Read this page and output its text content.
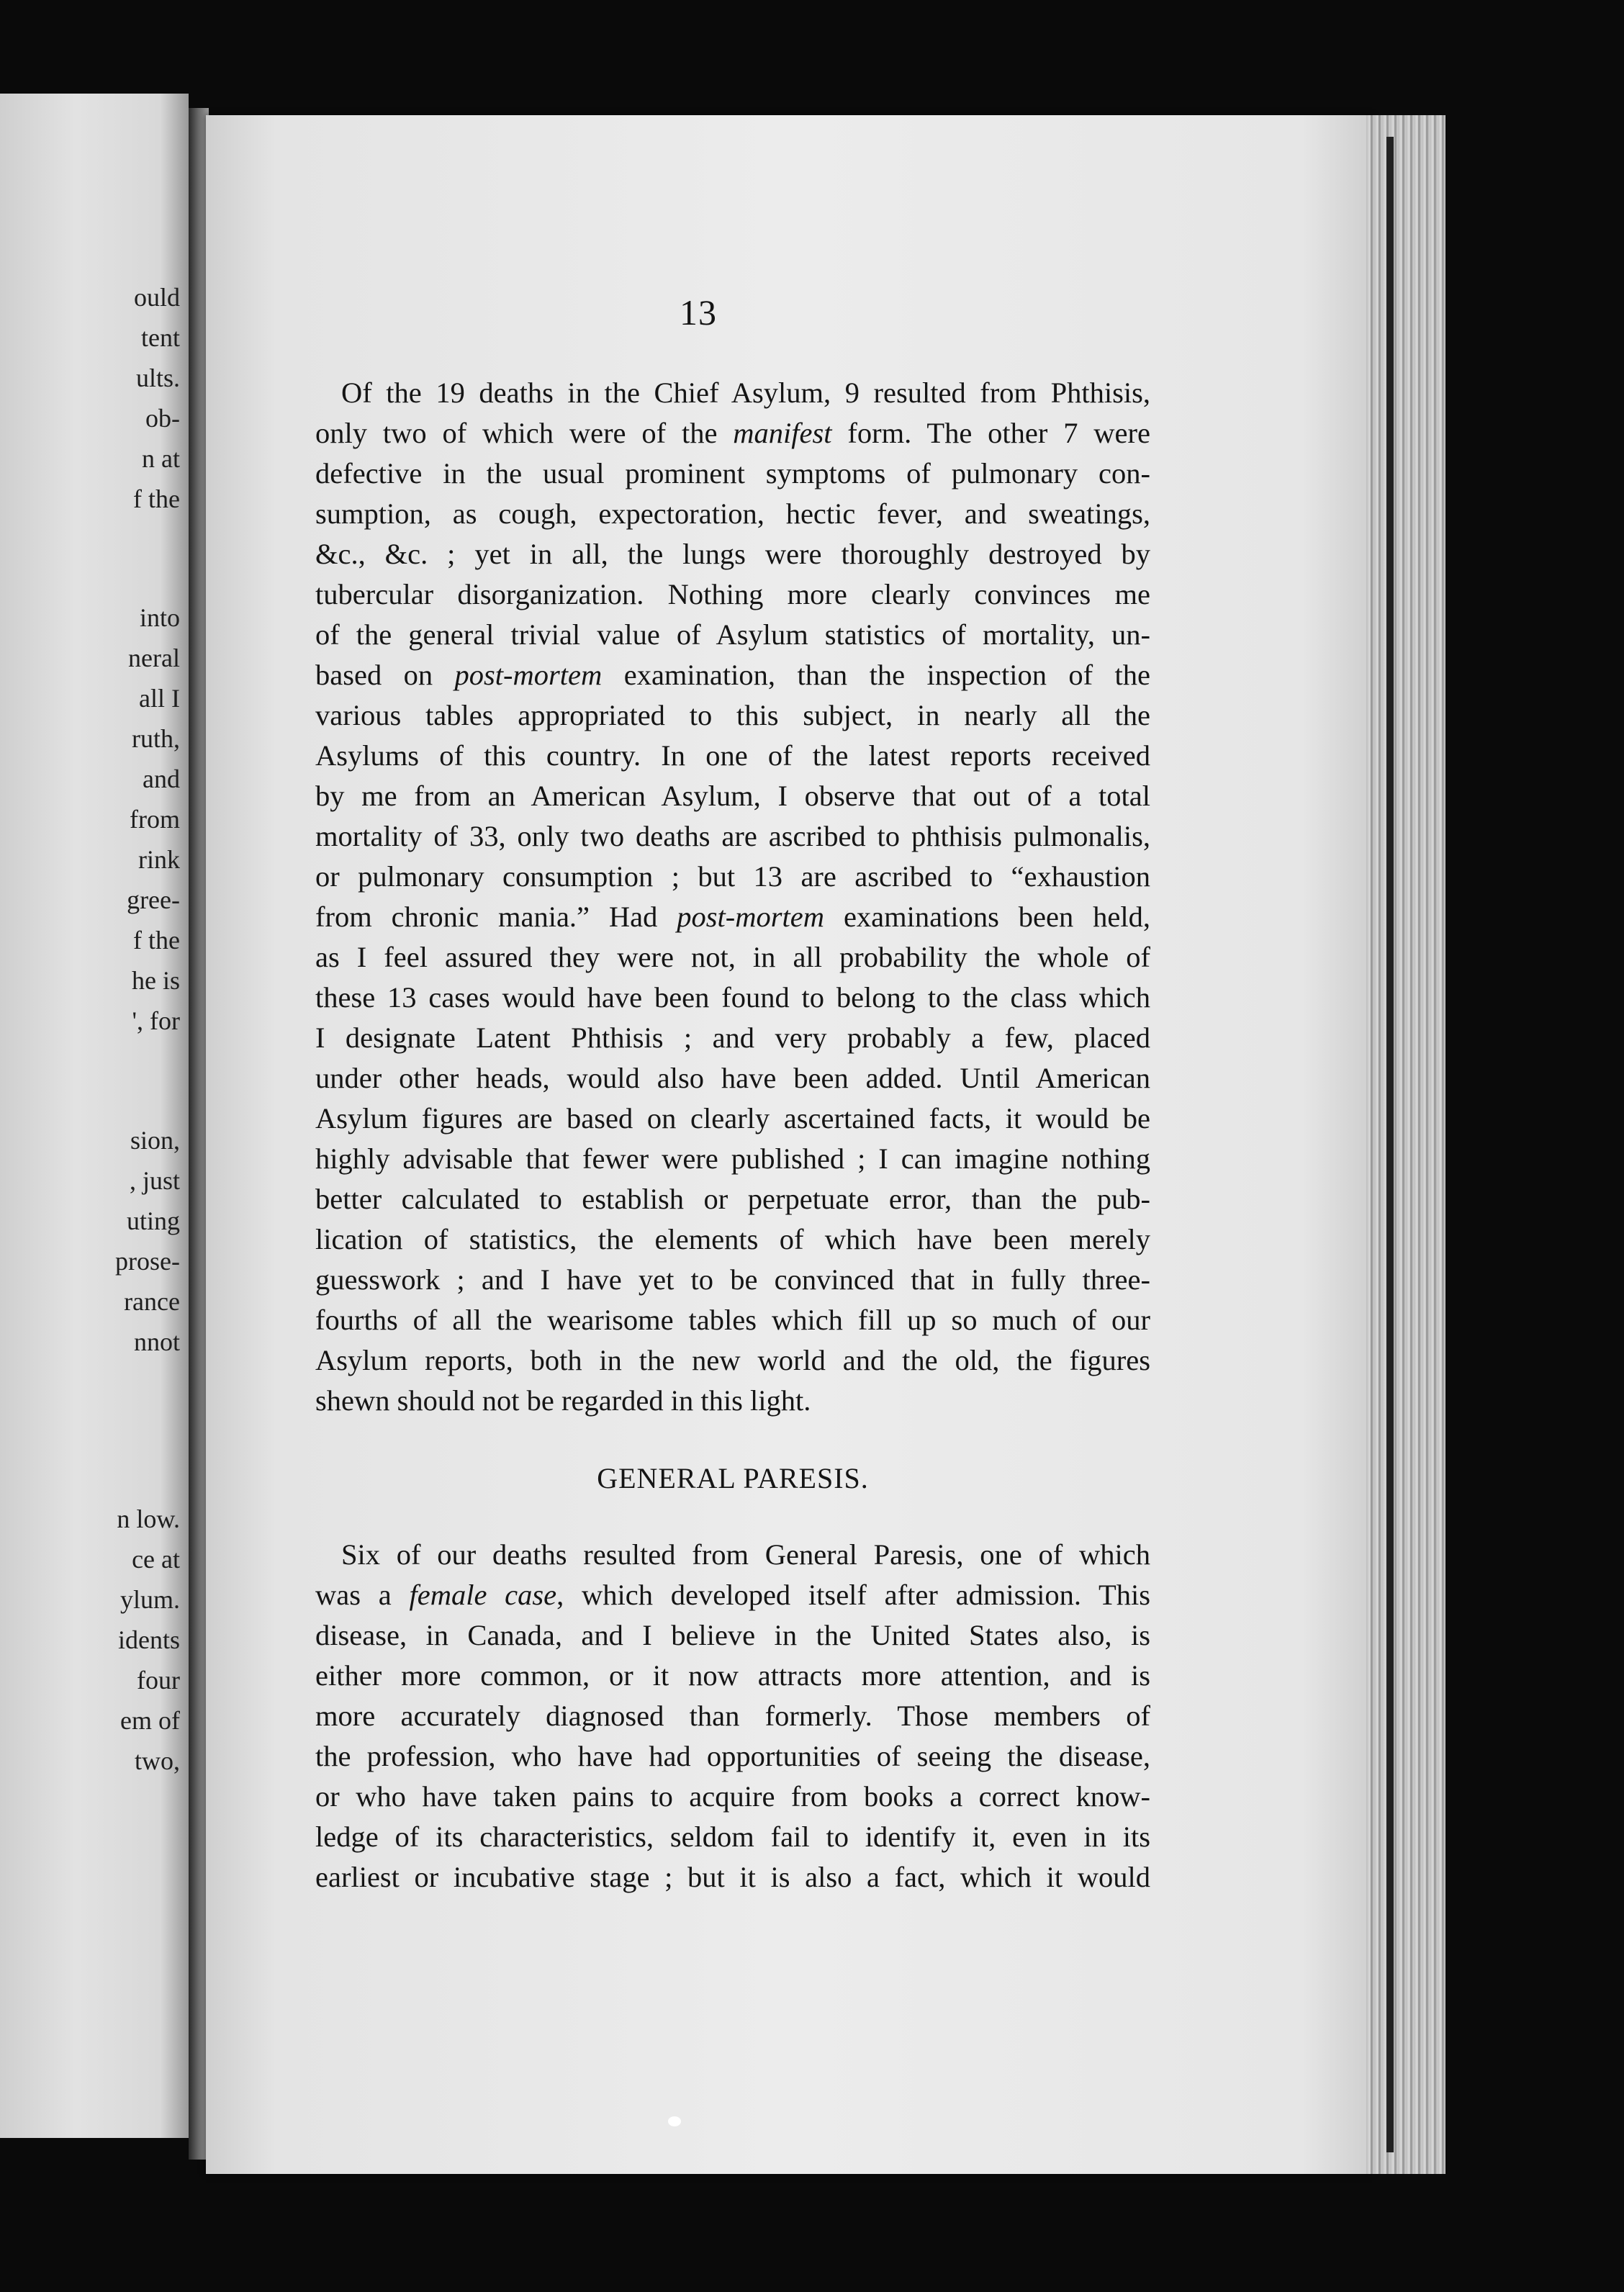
ould
tent
ults.
ob-
n at
f the
into
neral
all I
ruth,
and
from
rink
gree-
f the
he is
', for
sion,
, just
uting
prose-
rance
nnot
n low.
ce at
ylum.
idents
four
em of
two,
13
Of the 19 deaths in the Chief Asylum, 9 resulted from Phthisis,
only two of which were of the manifest form. The other 7 were
defective in the usual prominent symptoms of pulmonary con-
sumption, as cough, expectoration, hectic fever, and sweatings,
&c., &c. ; yet in all, the lungs were thoroughly destroyed by
tubercular disorganization. Nothing more clearly convinces me
of the general trivial value of Asylum statistics of mortality, un-
based on post-mortem examination, than the inspection of the
various tables appropriated to this subject, in nearly all the
Asylums of this country. In one of the latest reports received
by me from an American Asylum, I observe that out of a total
mortality of 33, only two deaths are ascribed to phthisis pulmonalis,
or pulmonary consumption ; but 13 are ascribed to “exhaustion
from chronic mania.” Had post-mortem examinations been held,
as I feel assured they were not, in all probability the whole of
these 13 cases would have been found to belong to the class which
I designate Latent Phthisis ; and very probably a few, placed
under other heads, would also have been added. Until American
Asylum figures are based on clearly ascertained facts, it would be
highly advisable that fewer were published ; I can imagine nothing
better calculated to establish or perpetuate error, than the pub-
lication of statistics, the elements of which have been merely
guesswork ; and I have yet to be convinced that in fully three-
fourths of all the wearisome tables which fill up so much of our
Asylum reports, both in the new world and the old, the figures
shewn should not be regarded in this light.
GENERAL PARESIS.
Six of our deaths resulted from General Paresis, one of which
was a female case, which developed itself after admission. This
disease, in Canada, and I believe in the United States also, is
either more common, or it now attracts more attention, and is
more accurately diagnosed than formerly. Those members of
the profession, who have had opportunities of seeing the disease,
or who have taken pains to acquire from books a correct know-
ledge of its characteristics, seldom fail to identify it, even in its
earliest or incubative stage ; but it is also a fact, which it would
